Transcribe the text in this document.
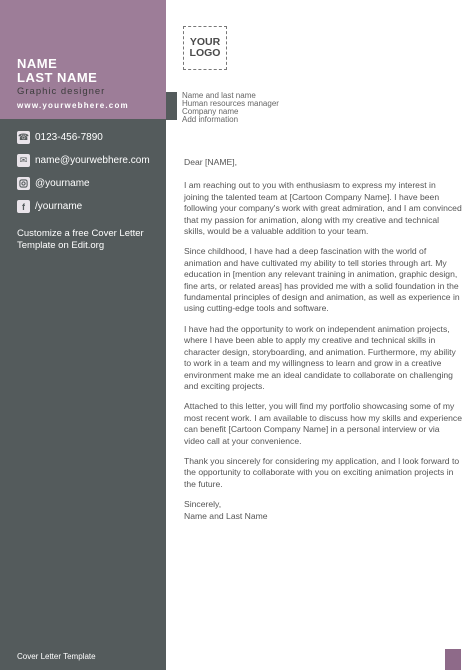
NAME
LAST NAME
Graphic designer
www.yourwebhere.com
☎ 0123-456-7890
✉ name@yourwebhere.com
@yourname
f	/yourname
Customize a free Cover Letter Template on Edit.org
Cover Letter Template
YOUR
LOGO
Name and last name
Human resources manager
Company name
Add information

Dear [NAME],

I am reaching out to you with enthusiasm to express my interest in joining the talented team at [Cartoon Company Name]. I have been following your company's work with great admiration, and I am convinced that my passion for animation, along with my creative and technical skills, would be a valuable addition to your team.

Since childhood, I have had a deep fascination with the world of animation and have cultivated my ability to tell stories through art. My education in [mention any relevant training in animation, graphic design, fine arts, or related areas] has provided me with a solid foundation in the fundamental principles of design and animation, as well as experience in using cutting-edge tools and software.

I have had the opportunity to work on independent animation projects, where I have been able to apply my creative and technical skills in character design, storyboarding, and animation. Furthermore, my ability to work in a team and my willingness to learn and grow in a creative environment make me an ideal candidate to collaborate on challenging and exciting projects.

Attached to this letter, you will find my portfolio showcasing some of my most recent work. I am available to discuss how my skills and experience can benefit [Cartoon Company Name] in a personal interview or via video call at your convenience.

Thank you sincerely for considering my application, and I look forward to the opportunity to collaborate with you on exciting animation projects in the future.

Sincerely,

Name and Last Name
